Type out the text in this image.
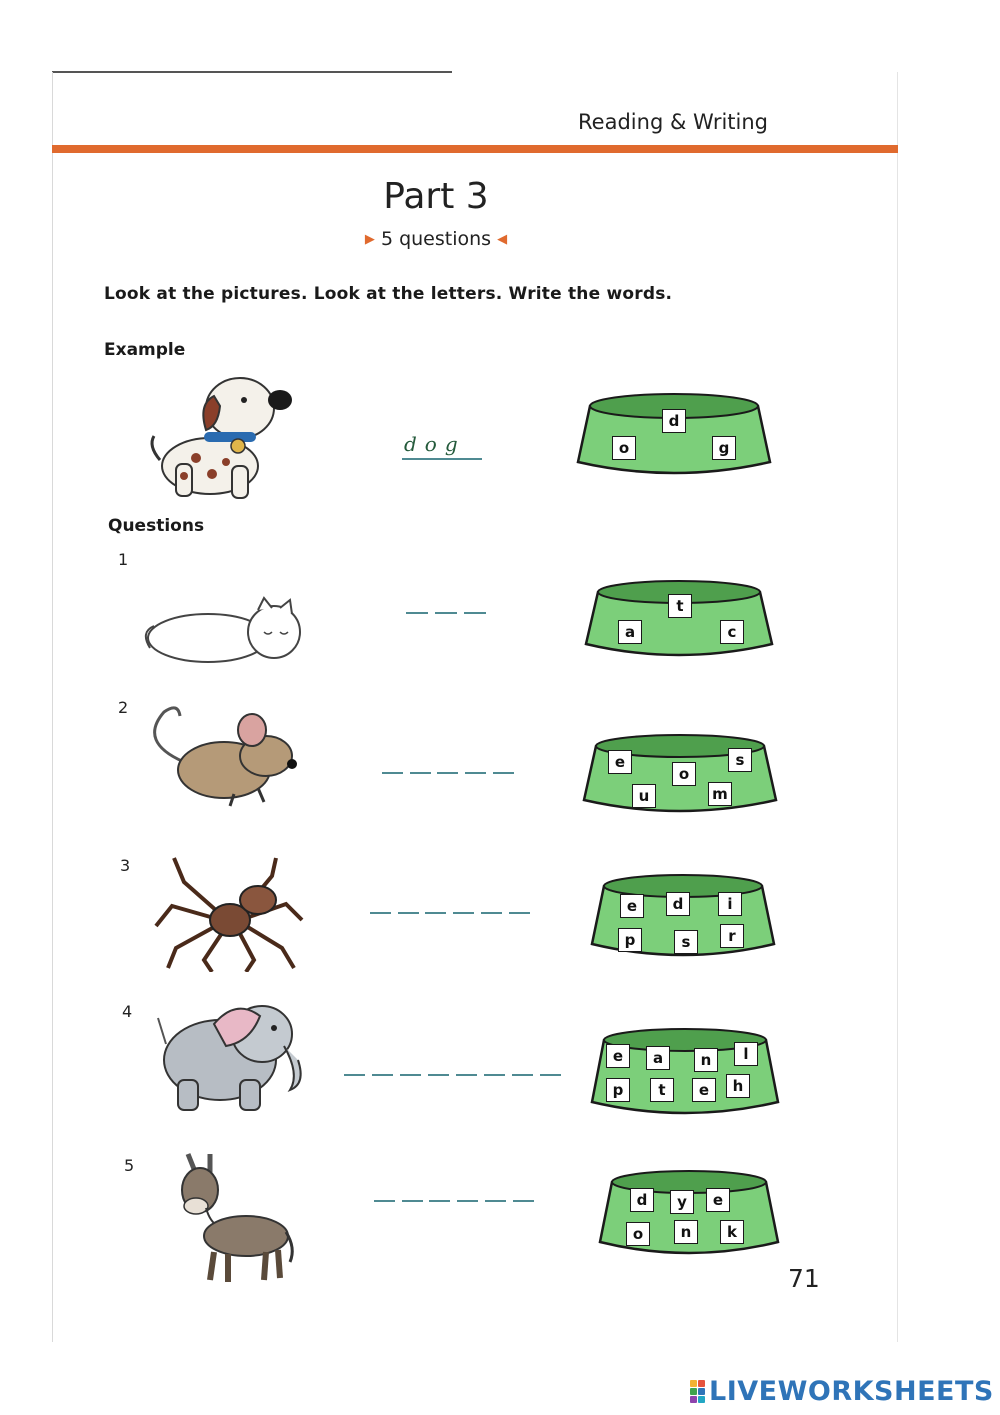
Reading & Writing
Part 3
▶ 5 questions ◀
Look at the pictures. Look at the letters. Write the words.
Example
dog
d
o	g
Questions
1
t
a	c
2
e	s
o
u	m
3
e	d	i
p	s	r
4
e	a	n	l
p	t	e	h
5
d	y	e
o	n	k
71
LIVEWORKSHEETS
